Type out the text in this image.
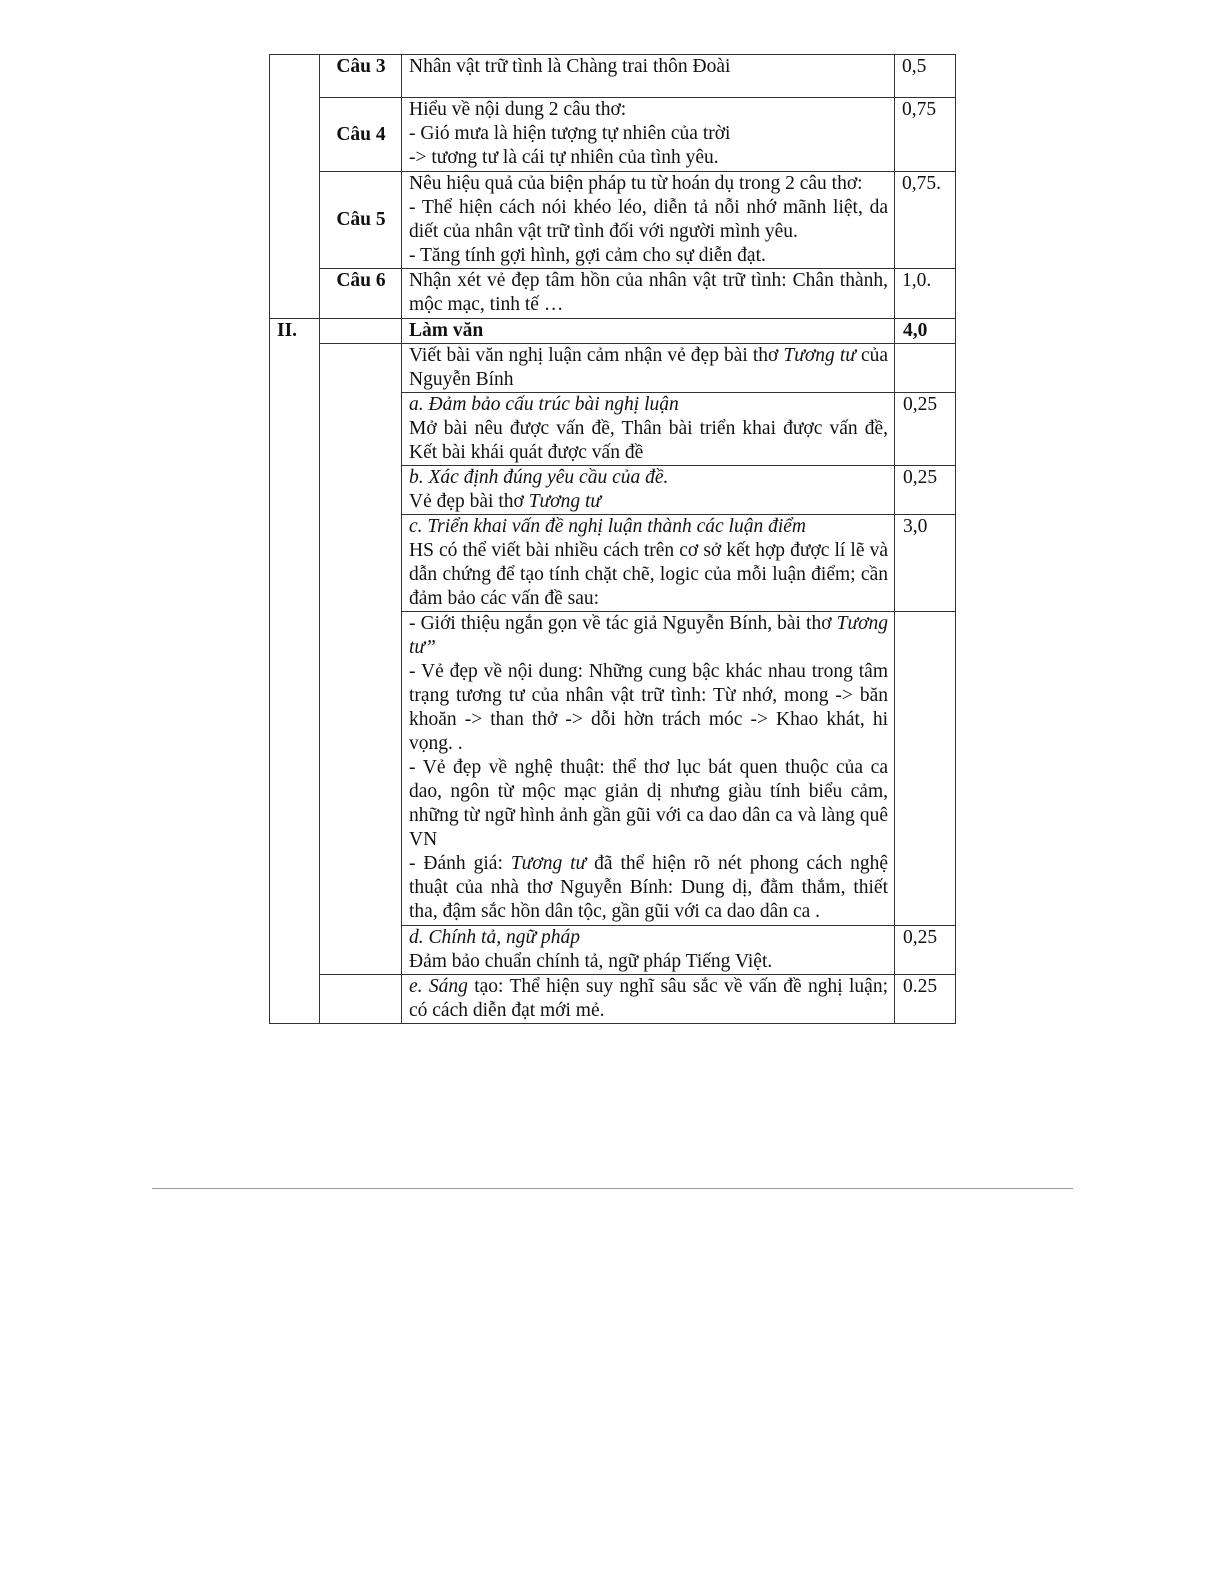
	Câu 3	Nhân vật trữ tình là Chàng trai thôn Đoài	0,5
	Câu 4	Hiểu về nội dung 2 câu thơ:
- Gió mưa là hiện tượng tự nhiên của trời
-> tương tư là cái tự nhiên của tình yêu.	0,75
	Câu 5	Nêu hiệu quả của biện pháp tu từ hoán dụ trong 2 câu thơ:
- Thể hiện cách nói khéo léo, diễn tả nỗi nhớ mãnh liệt, da diết của nhân vật trữ tình đối với người mình yêu.
- Tăng tính gợi hình, gợi cảm cho sự diễn đạt.	0,75.
	Câu 6	Nhận xét vẻ đẹp tâm hồn của nhân vật trữ tình: Chân thành, mộc mạc, tinh tế …	1,0.
II.		Làm văn	4,0
		Viết bài văn nghị luận cảm nhận vẻ đẹp bài thơ Tương tư của Nguyễn Bính	

		a. Đảm bảo cấu trúc bài nghị luận
Mở bài nêu được vấn đề, Thân bài triển khai được vấn đề, Kết bài khái quát được vấn đề	0,25

		b. Xác định đúng yêu cầu của đề.
Vẻ đẹp bài thơ Tương tư	0,25

		c. Triển khai vấn đề nghị luận thành các luận điểm
HS có thể viết bài nhiều cách trên cơ sở kết hợp được lí lẽ và dẫn chứng để tạo tính chặt chẽ, logic của mỗi luận điểm; cần đảm bảo các vấn đề sau:	3,0

		- Giới thiệu ngắn gọn về tác giả Nguyễn Bính, bài thơ Tương tư”
- Vẻ đẹp về nội dung: Những cung bậc khác nhau trong tâm trạng tương tư của nhân vật trữ tình: Từ nhớ, mong -> băn khoăn -> than thở -> dỗi hờn trách móc -> Khao khát, hi vọng. .
- Vẻ đẹp về nghệ thuật: thể thơ lục bát quen thuộc của ca dao, ngôn từ mộc mạc giản dị nhưng giàu tính biểu cảm, những từ ngữ hình ảnh gần gũi với ca dao dân ca và làng quê VN
- Đánh giá: Tương tư đã thể hiện rõ nét phong cách nghệ thuật của nhà thơ Nguyễn Bính: Dung dị, đằm thắm, thiết tha, đậm sắc hồn dân tộc, gần gũi với ca dao dân ca .	

		d. Chính tả, ngữ pháp
Đảm bảo chuẩn chính tả, ngữ pháp Tiếng Việt.	0,25
		e. Sáng tạo: Thể hiện suy nghĩ sâu sắc về vấn đề nghị luận; có cách diễn đạt mới mẻ.	0.25
